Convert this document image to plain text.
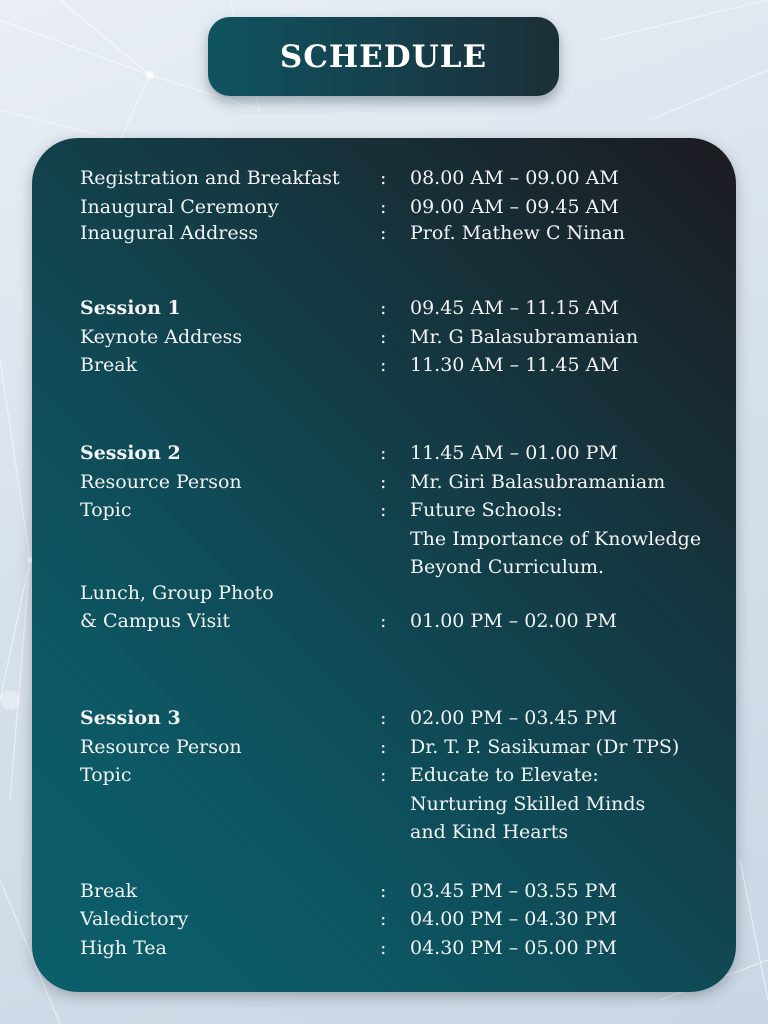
SCHEDULE
Registration and Breakfast : 08.00 AM – 09.00 AM
Inaugural Ceremony	: 09.00 AM – 09.45 AM
Inaugural Address	: Prof. Mathew C Ninan
Session 1	: 09.45 AM – 11.15 AM
Keynote Address	: Mr. G Balasubramanian
Break	: 11.30 AM – 11.45 AM
Session 2	: 11.45 AM – 01.00 PM
Resource Person	: Mr. Giri Balasubramaniam
Topic	: Future Schools:
The Importance of Knowledge
Beyond Curriculum.
Lunch, Group Photo
& Campus Visit	: 01.00 PM – 02.00 PM
Session 3	: 02.00 PM – 03.45 PM
Resource Person	: Dr. T. P. Sasikumar (Dr TPS)
Topic	: Educate to Elevate:
Nurturing Skilled Minds
and Kind Hearts
Break	: 03.45 PM – 03.55 PM
Valedictory	: 04.00 PM – 04.30 PM
High Tea	: 04.30 PM – 05.00 PM
